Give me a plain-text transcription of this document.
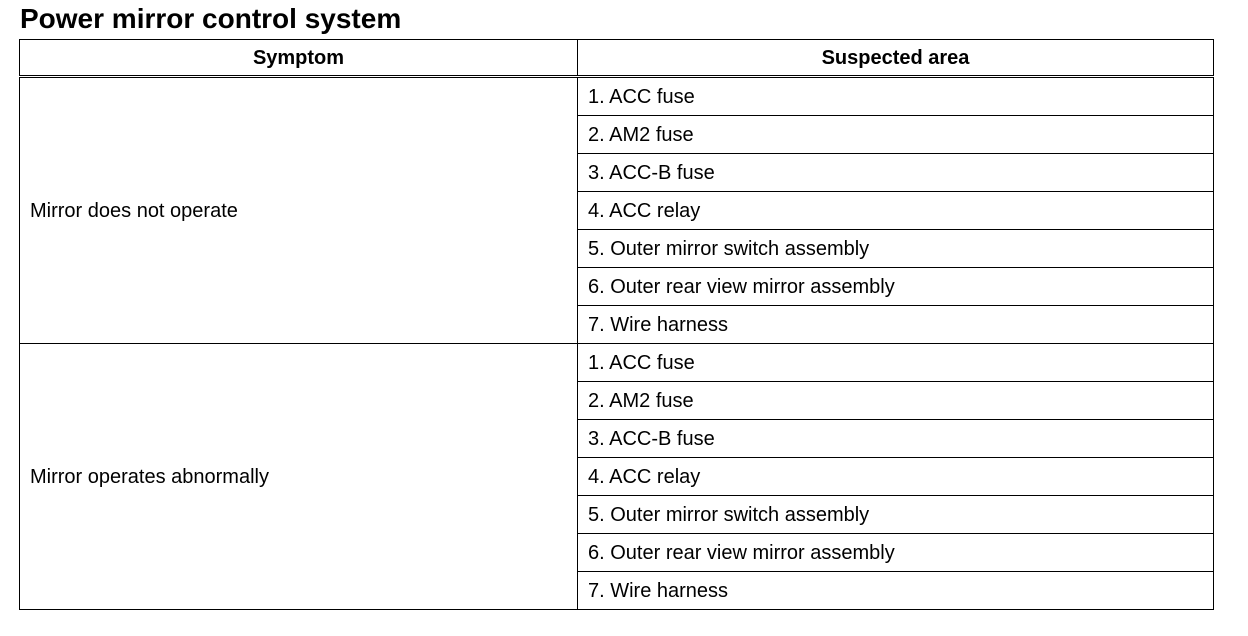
Power mirror control system
Symptom	Suspected area
Mirror does not operate	1. ACC fuse
	2. AM2 fuse
	3. ACC-B fuse
	4. ACC relay
	5. Outer mirror switch assembly
	6. Outer rear view mirror assembly
	7. Wire harness
Mirror operates abnormally	1. ACC fuse
	2. AM2 fuse
	3. ACC-B fuse
	4. ACC relay
	5. Outer mirror switch assembly
	6. Outer rear view mirror assembly
	7. Wire harness
